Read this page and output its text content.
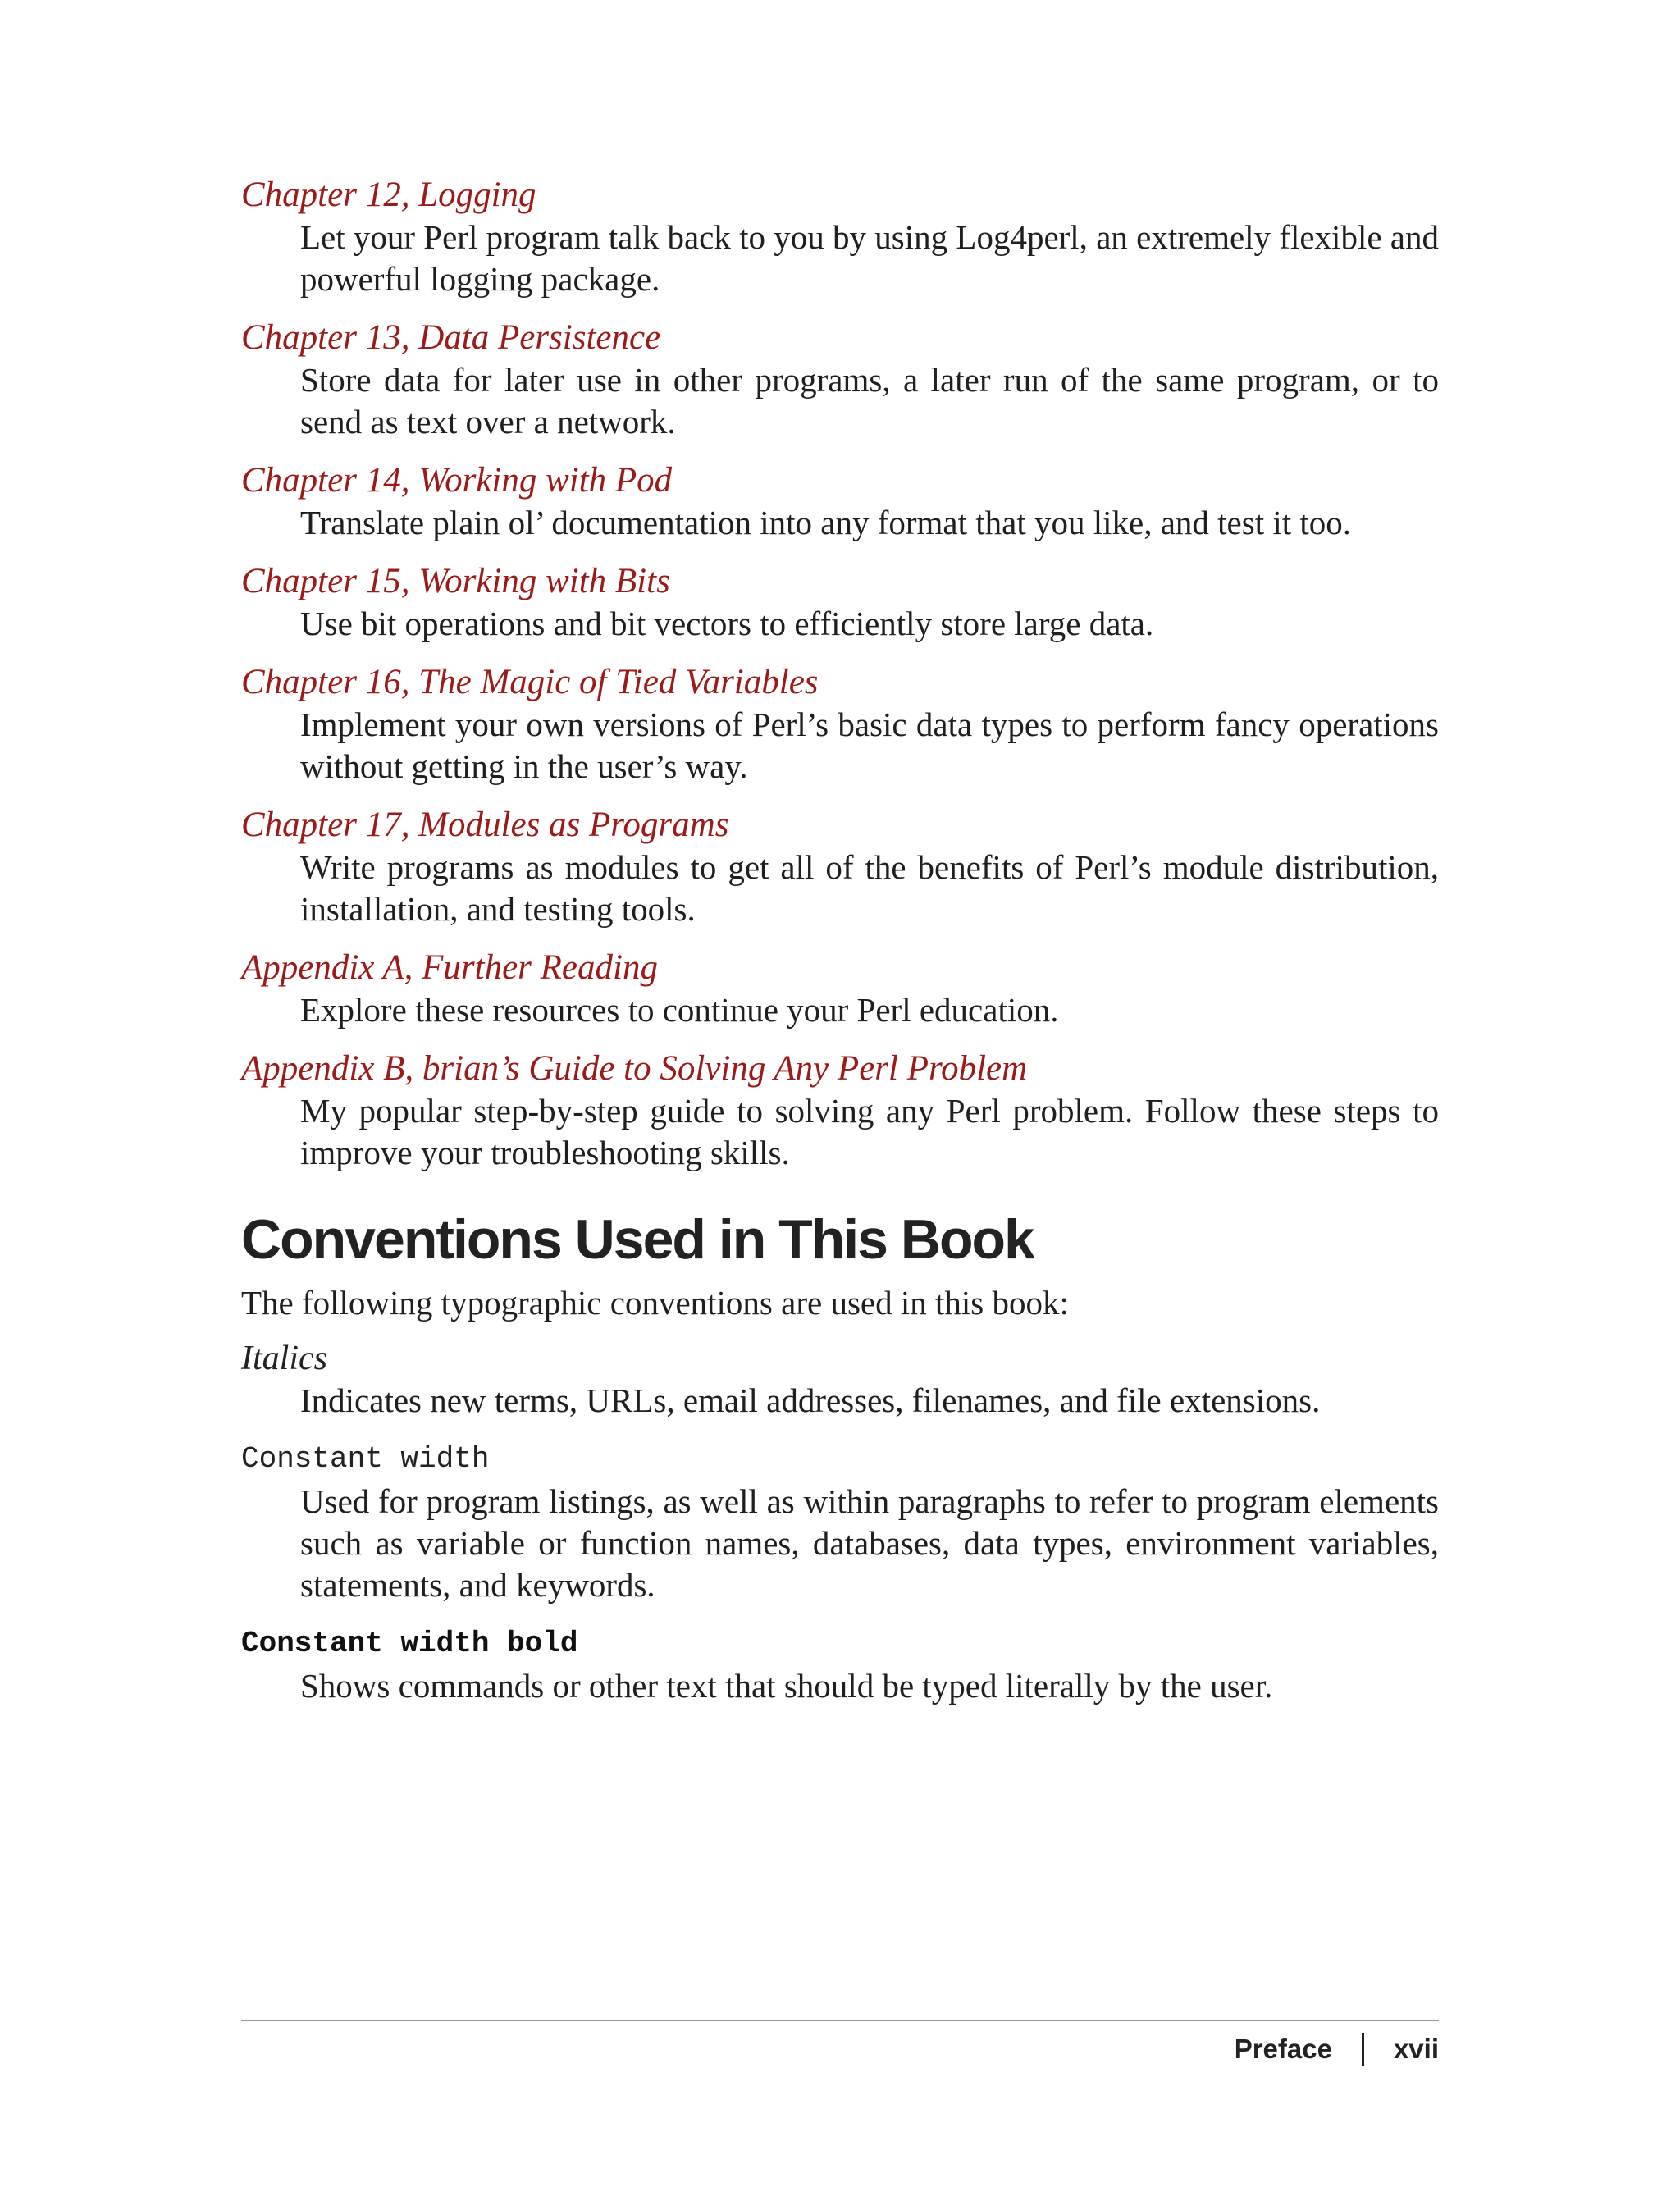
Chapter 12, Logging
Let your Perl program talk back to you by using Log4perl, an extremely flexible and powerful logging package.
Chapter 13, Data Persistence
Store data for later use in other programs, a later run of the same program, or to send as text over a network.
Chapter 14, Working with Pod
Translate plain ol’ documentation into any format that you like, and test it too.
Chapter 15, Working with Bits
Use bit operations and bit vectors to efficiently store large data.
Chapter 16, The Magic of Tied Variables
Implement your own versions of Perl’s basic data types to perform fancy operations without getting in the user’s way.
Chapter 17, Modules as Programs
Write programs as modules to get all of the benefits of Perl’s module distribution, installation, and testing tools.
Appendix A, Further Reading
Explore these resources to continue your Perl education.
Appendix B, brian’s Guide to Solving Any Perl Problem
My popular step-by-step guide to solving any Perl problem. Follow these steps to improve your troubleshooting skills.
Conventions Used in This Book
The following typographic conventions are used in this book:
Italics
Indicates new terms, URLs, email addresses, filenames, and file extensions.
Constant width
Used for program listings, as well as within paragraphs to refer to program elements such as variable or function names, databases, data types, environment variables, statements, and keywords.
Constant width bold
Shows commands or other text that should be typed literally by the user.
Preface xvii
